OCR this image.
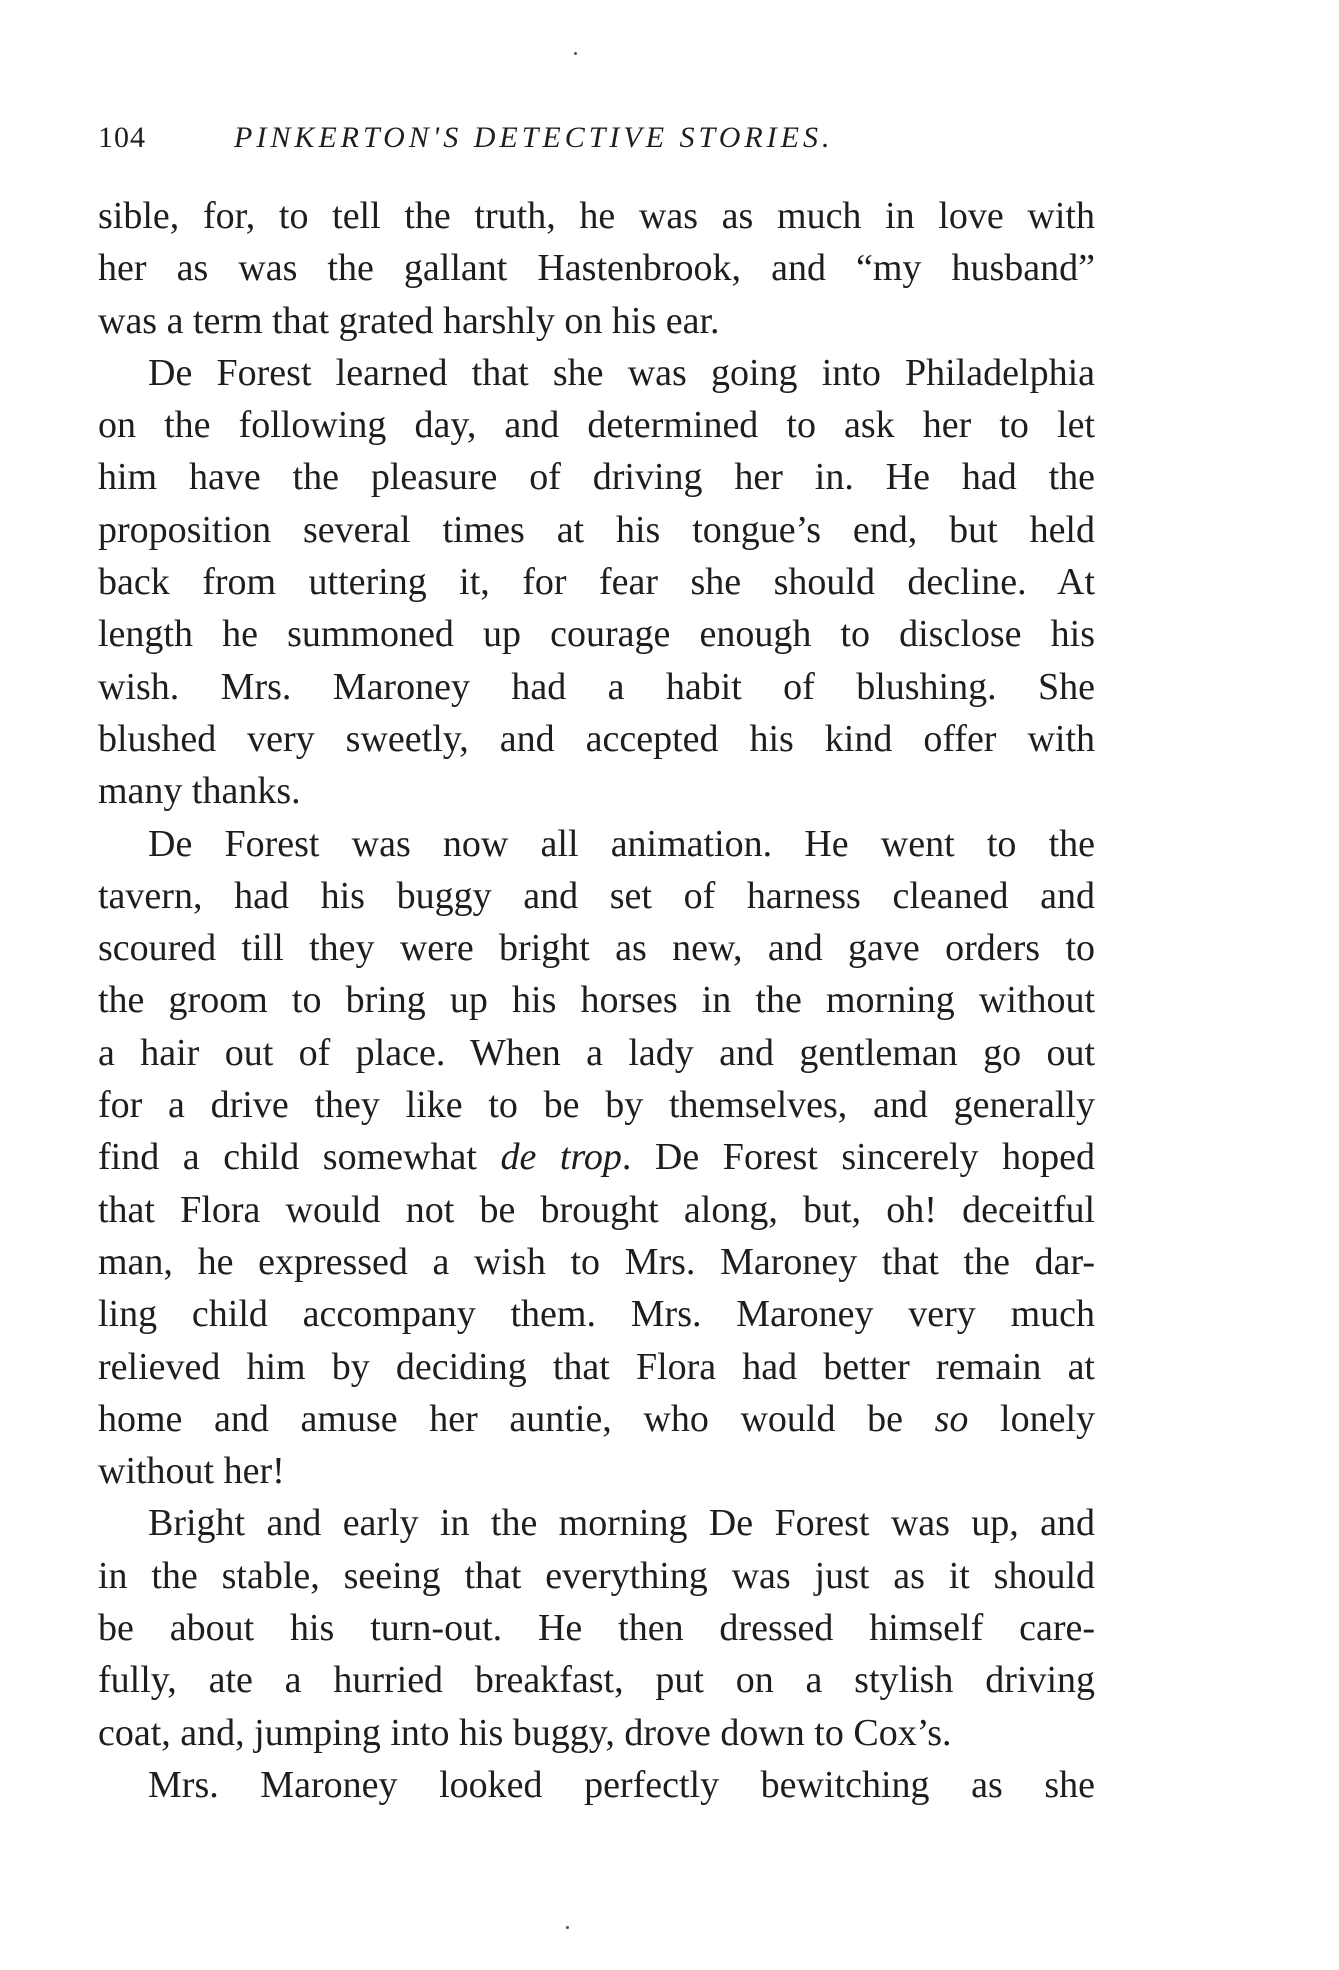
104	PINKERTON'S DETECTIVE STORIES.
sible, for, to tell the truth, he was as much in love with
her as was the gallant Hastenbrook, and “my husband”
was a term that grated harshly on his ear.
De Forest learned that she was going into Philadelphia
on the following day, and determined to ask her to let
him have the pleasure of driving her in. He had the
proposition several times at his tongue’s end, but held
back from uttering it, for fear she should decline. At
length he summoned up courage enough to disclose his
wish. Mrs. Maroney had a habit of blushing. She
blushed very sweetly, and accepted his kind offer with
many thanks.
De Forest was now all animation. He went to the
tavern, had his buggy and set of harness cleaned and
scoured till they were bright as new, and gave orders to
the groom to bring up his horses in the morning without
a hair out of place. When a lady and gentleman go out
for a drive they like to be by themselves, and generally
find a child somewhat de trop. De Forest sincerely hoped
that Flora would not be brought along, but, oh! deceitful
man, he expressed a wish to Mrs. Maroney that the dar-
ling child accompany them. Mrs. Maroney very much
relieved him by deciding that Flora had better remain at
home and amuse her auntie, who would be so lonely
without her!
Bright and early in the morning De Forest was up, and
in the stable, seeing that everything was just as it should
be about his turn-out. He then dressed himself care-
fully, ate a hurried breakfast, put on a stylish driving
coat, and, jumping into his buggy, drove down to Cox’s.
Mrs. Maroney looked perfectly bewitching as she
